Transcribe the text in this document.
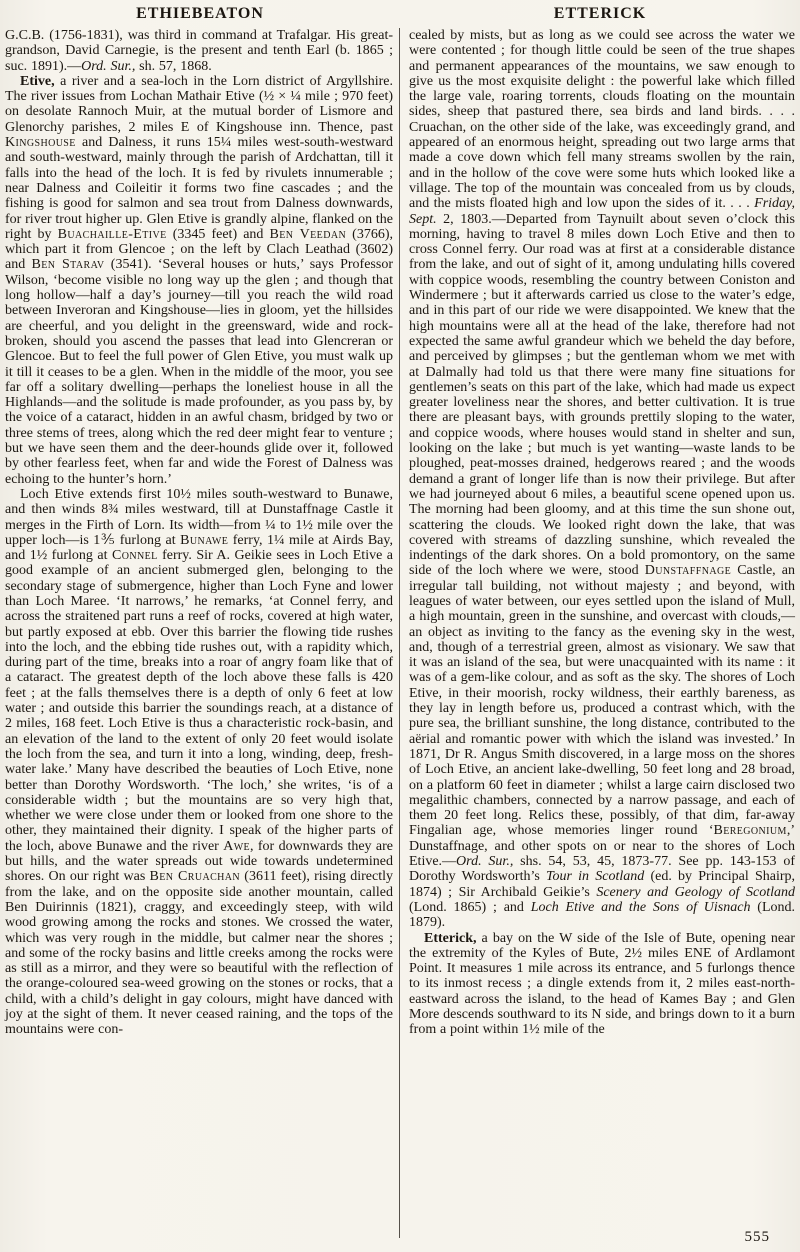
ETHIEBEATON	ETTERICK

G.C.B. (1756-1831), was third in command at Trafalgar. His great-grandson, David Carnegie, is the present and tenth Earl (b. 1865 ; suc. 1891).—Ord. Sur., sh. 57, 1868.

Etive, a river and a sea-loch in the Lorn district of Argyllshire. The river issues from Lochan Mathair Etive (½ × ¼ mile ; 970 feet) on desolate Rannoch Muir, at the mutual border of Lismore and Glenorchy parishes, 2 miles E of Kingshouse inn. Thence, past Kingshouse and Dalness, it runs 15¼ miles west-south-westward and south-westward, mainly through the parish of Ardchattan, till it falls into the head of the loch. It is fed by rivulets innumerable ; near Dalness and Coileitir it forms two fine cascades ; and the fishing is good for salmon and sea trout from Dalness downwards, for river trout higher up. Glen Etive is grandly alpine, flanked on the right by Buachaille-Etive (3345 feet) and Ben Veedan (3766), which part it from Glencoe ; on the left by Clach Leathad (3602) and Ben Starav (3541). ‘Several houses or huts,’ says Professor Wilson, ‘become visible no long way up the glen ; and though that long hollow—half a day’s journey—till you reach the wild road between Inveroran and Kingshouse—lies in gloom, yet the hillsides are cheerful, and you delight in the greensward, wide and rock-broken, should you ascend the passes that lead into Glencreran or Glencoe. But to feel the full power of Glen Etive, you must walk up it till it ceases to be a glen. When in the middle of the moor, you see far off a solitary dwelling—perhaps the loneliest house in all the Highlands—and the solitude is made profounder, as you pass by, by the voice of a cataract, hidden in an awful chasm, bridged by two or three stems of trees, along which the red deer might fear to venture ; but we have seen them and the deer-hounds glide over it, followed by other fearless feet, when far and wide the Forest of Dalness was echoing to the hunter’s horn.’

Loch Etive extends first 10½ miles south-westward to Bunawe, and then winds 8¾ miles westward, till at Dunstaffnage Castle it merges in the Firth of Lorn. Its width—from ¼ to 1½ mile over the upper loch—is 1⅗ furlong at Bunawe ferry, 1¼ mile at Airds Bay, and 1½ furlong at Connel ferry. Sir A. Geikie sees in Loch Etive a good example of an ancient submerged glen, belonging to the secondary stage of submergence, higher than Loch Fyne and lower than Loch Maree. ‘It narrows,’ he remarks, ‘at Connel ferry, and across the straitened part runs a reef of rocks, covered at high water, but partly exposed at ebb. Over this barrier the flowing tide rushes into the loch, and the ebbing tide rushes out, with a rapidity which, during part of the time, breaks into a roar of angry foam like that of a cataract. The greatest depth of the loch above these falls is 420 feet ; at the falls themselves there is a depth of only 6 feet at low water ; and outside this barrier the soundings reach, at a distance of 2 miles, 168 feet. Loch Etive is thus a characteristic rock-basin, and an elevation of the land to the extent of only 20 feet would isolate the loch from the sea, and turn it into a long, winding, deep, fresh-water lake.’ Many have described the beauties of Loch Etive, none better than Dorothy Wordsworth. ‘The loch,’ she writes, ‘is of a considerable width ; but the mountains are so very high that, whether we were close under them or looked from one shore to the other, they maintained their dignity. I speak of the higher parts of the loch, above Bunawe and the river Awe, for downwards they are but hills, and the water spreads out wide towards undetermined shores. On our right was Ben Cruachan (3611 feet), rising directly from the lake, and on the opposite side another mountain, called Ben Duirinnis (1821), craggy, and exceedingly steep, with wild wood growing among the rocks and stones. We crossed the water, which was very rough in the middle, but calmer near the shores ; and some of the rocky basins and little creeks among the rocks were as still as a mirror, and they were so beautiful with the reflection of the orange-coloured sea-weed growing on the stones or rocks, that a child, with a child’s delight in gay colours, might have danced with joy at the sight of them. It never ceased raining, and the tops of the mountains were con-

cealed by mists, but as long as we could see across the water we were contented ; for though little could be seen of the true shapes and permanent appearances of the mountains, we saw enough to give us the most exquisite delight : the powerful lake which filled the large vale, roaring torrents, clouds floating on the mountain sides, sheep that pastured there, sea birds and land birds. . . . Cruachan, on the other side of the lake, was exceedingly grand, and appeared of an enormous height, spreading out two large arms that made a cove down which fell many streams swollen by the rain, and in the hollow of the cove were some huts which looked like a village. The top of the mountain was concealed from us by clouds, and the mists floated high and low upon the sides of it. . . . Friday, Sept. 2, 1803.—Departed from Taynuilt about seven o’clock this morning, having to travel 8 miles down Loch Etive and then to cross Connel ferry. Our road was at first at a considerable distance from the lake, and out of sight of it, among undulating hills covered with coppice woods, resembling the country between Coniston and Windermere ; but it afterwards carried us close to the water’s edge, and in this part of our ride we were disappointed. We knew that the high mountains were all at the head of the lake, therefore had not expected the same awful grandeur which we beheld the day before, and perceived by glimpses ; but the gentleman whom we met with at Dalmally had told us that there were many fine situations for gentlemen’s seats on this part of the lake, which had made us expect greater loveliness near the shores, and better cultivation. It is true there are pleasant bays, with grounds prettily sloping to the water, and coppice woods, where houses would stand in shelter and sun, looking on the lake ; but much is yet wanting—waste lands to be ploughed, peat-mosses drained, hedgerows reared ; and the woods demand a grant of longer life than is now their privilege. But after we had journeyed about 6 miles, a beautiful scene opened upon us. The morning had been gloomy, and at this time the sun shone out, scattering the clouds. We looked right down the lake, that was covered with streams of dazzling sunshine, which revealed the indentings of the dark shores. On a bold promontory, on the same side of the loch where we were, stood Dunstaffnage Castle, an irregular tall building, not without majesty ; and beyond, with leagues of water between, our eyes settled upon the island of Mull, a high mountain, green in the sunshine, and overcast with clouds,—an object as inviting to the fancy as the evening sky in the west, and, though of a terrestrial green, almost as visionary. We saw that it was an island of the sea, but were unacquainted with its name : it was of a gem-like colour, and as soft as the sky. The shores of Loch Etive, in their moorish, rocky wildness, their earthly bareness, as they lay in length before us, produced a contrast which, with the pure sea, the brilliant sunshine, the long distance, contributed to the aërial and romantic power with which the island was invested.’ In 1871, Dr R. Angus Smith discovered, in a large moss on the shores of Loch Etive, an ancient lake-dwelling, 50 feet long and 28 broad, on a platform 60 feet in diameter ; whilst a large cairn disclosed two megalithic chambers, connected by a narrow passage, and each of them 20 feet long. Relics these, possibly, of that dim, far-away Fingalian age, whose memories linger round ‘Beregonium,’ Dunstaffnage, and other spots on or near to the shores of Loch Etive.—Ord. Sur., shs. 54, 53, 45, 1873-77. See pp. 143-153 of Dorothy Wordsworth’s Tour in Scotland (ed. by Principal Shairp, 1874) ; Sir Archibald Geikie’s Scenery and Geology of Scotland (Lond. 1865) ; and Loch Etive and the Sons of Uisnach (Lond. 1879).

Etterick, a bay on the W side of the Isle of Bute, opening near the extremity of the Kyles of Bute, 2½ miles ENE of Ardlamont Point. It measures 1 mile across its entrance, and 5 furlongs thence to its inmost recess ; a dingle extends from it, 2 miles east-north-eastward across the island, to the head of Kames Bay ; and Glen More descends southward to its N side, and brings down to it a burn from a point within 1½ mile of the

555
